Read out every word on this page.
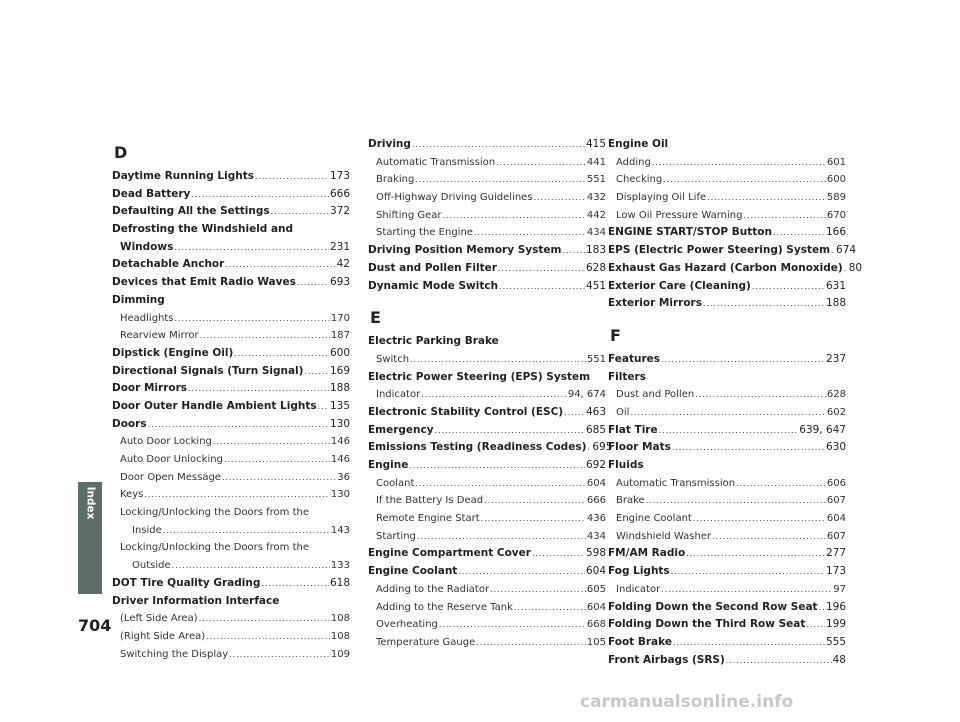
Index
704
D
Daytime Running Lights . . .	173
Dead Battery . . .	666
Defaulting All the Settings . . .	372
Defrosting the Windshield and
Windows . . .	231
Detachable Anchor . . .	42
Devices that Emit Radio Waves . . .	693
Dimming
Headlights . . .	170
Rearview Mirror . . .	187
Dipstick (Engine Oil) . . .	600
Directional Signals (Turn Signal) . . .	169
Door Mirrors . . .	188
Door Outer Handle Ambient Lights . . . 135
Doors . . .	130
Auto Door Locking . . .	146
Auto Door Unlocking . . .	146
Door Open Message . . .	36
Keys . . .	130
Locking/Unlocking the Doors from the
Inside . . .	143
Locking/Unlocking the Doors from the
Outside . . .	133
DOT Tire Quality Grading . . .	618
Driver Information Interface
(Left Side Area) . . .	108
(Right Side Area) . . .	108
Switching the Display . . .	109
Driving . . .	415
Automatic Transmission . . .	441
Braking . . .	551
Off-Highway Driving Guidelines . . .	432
Shifting Gear . . .	442
Starting the Engine . . .	434
Driving Position Memory System . . . 183
Dust and Pollen Filter . . .	628
Dynamic Mode Switch . . .	451
E
Electric Parking Brake
Switch . . .	551
Electric Power Steering (EPS) System
Indicator . . .	94, 674
Electronic Stability Control (ESC) . . . 463
Emergency . . .	685
Emissions Testing (Readiness Codes) . . . 695
Engine . . .	692
Coolant . . .	604
If the Battery Is Dead . . .	666
Remote Engine Start . . .	436
Starting . . .	434
Engine Compartment Cover . . .	598
Engine Coolant . . .	604
Adding to the Radiator . . .	605
Adding to the Reserve Tank . . .	604
Overheating . . .	668
Temperature Gauge . . .	105
Engine Oil
Adding . . .	601
Checking . . .	600
Displaying Oil Life . . .	589
Low Oil Pressure Warning . . .	670
ENGINE START/STOP Button . . .	166
EPS (Electric Power Steering) System . . . 674
Exhaust Gas Hazard (Carbon Monoxide) . . . 80
Exterior Care (Cleaning) . . .	631
Exterior Mirrors . . .	188
F
Features . . .	237
Filters
Dust and Pollen . . .	628
Oil . . .	602
Flat Tire . . .	639, 647
Floor Mats . . .	630
Fluids
Automatic Transmission . . .	606
Brake . . .	607
Engine Coolant . . .	604
Windshield Washer . . .	607
FM/AM Radio . . .	277
Fog Lights . . .	173
Indicator . . .	97
Folding Down the Second Row Seat . . . 196
Folding Down the Third Row Seat . . . 199
Foot Brake . . .	555
Front Airbags (SRS) . . .	48
carmanualsonline.info
